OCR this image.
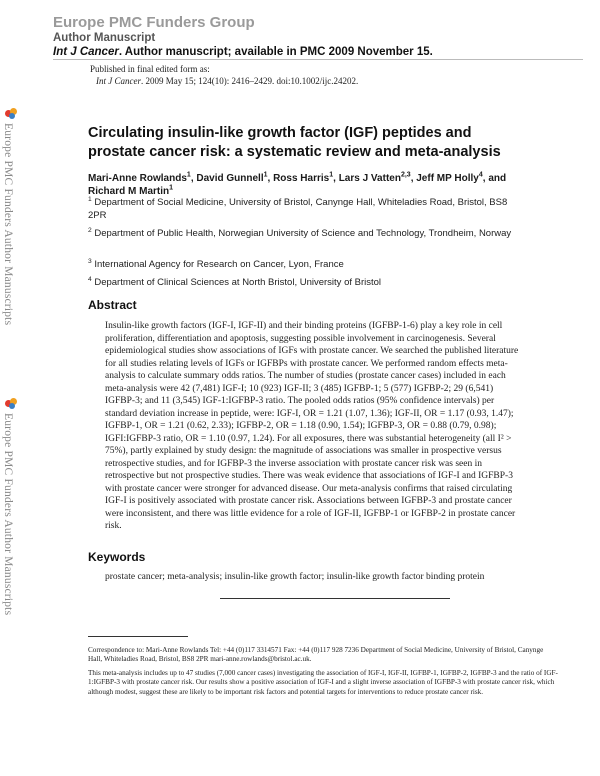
Europe PMC Funders Group
Author Manuscript
Int J Cancer. Author manuscript; available in PMC 2009 November 15.
Published in final edited form as:
Int J Cancer. 2009 May 15; 124(10): 2416–2429. doi:10.1002/ijc.24202.
Europe PMC Funders Author Manuscripts
Europe PMC Funders Author Manuscripts
Circulating insulin-like growth factor (IGF) peptides and prostate cancer risk: a systematic review and meta-analysis
Mari-Anne Rowlands$^1$, David Gunnell$^1$, Ross Harris$^1$, Lars J Vatten$^{2,3}$, Jeff MP Holly$^4$, and Richard M Martin$^1$
$^1$ Department of Social Medicine, University of Bristol, Canynge Hall, Whiteladies Road, Bristol, BS8 2PR
$^2$ Department of Public Health, Norwegian University of Science and Technology, Trondheim, Norway
$^3$ International Agency for Research on Cancer, Lyon, France
$^4$ Department of Clinical Sciences at North Bristol, University of Bristol
Abstract
Insulin-like growth factors (IGF-I, IGF-II) and their binding proteins (IGFBP-1-6) play a key role in cell proliferation, differentiation and apoptosis, suggesting possible involvement in carcinogenesis. Several epidemiological studies show associations of IGFs with prostate cancer. We searched the published literature for all studies relating levels of IGFs or IGFBPs with prostate cancer. We performed random effects meta-analysis to calculate summary odds ratios. The number of studies (prostate cancer cases) included in each meta-analysis were 42 (7,481) IGF-I; 10 (923) IGF-II; 3 (485) IGFBP-1; 5 (577) IGFBP-2; 29 (6,541) IGFBP-3; and 11 (3,545) IGF-1:IGFBP-3 ratio. The pooled odds ratios (95% confidence intervals) per standard deviation increase in peptide, were: IGF-I, OR = 1.21 (1.07, 1.36); IGF-II, OR = 1.17 (0.93, 1.47); IGFBP-1, OR = 1.21 (0.62, 2.33); IGFBP-2, OR = 1.18 (0.90, 1.54); IGFBP-3, OR = 0.88 (0.79, 0.98); IGFI:IGFBP-3 ratio, OR = 1.10 (0.97, 1.24). For all exposures, there was substantial heterogeneity (all I² > 75%), partly explained by study design: the magnitude of associations was smaller in prospective versus retrospective studies, and for IGFBP-3 the inverse association with prostate cancer risk was seen in retrospective but not prospective studies. There was weak evidence that associations of IGF-I and IGFBP-3 with prostate cancer were stronger for advanced disease. Our meta-analysis confirms that raised circulating IGF-I is positively associated with prostate cancer risk. Associations between IGFBP-3 and prostate cancer were inconsistent, and there was little evidence for a role of IGF-II, IGFBP-1 or IGFBP-2 in prostate cancer risk.
Keywords
prostate cancer; meta-analysis; insulin-like growth factor; insulin-like growth factor binding protein
Correspondence to: Mari-Anne Rowlands Tel: +44 (0)117 3314571 Fax: +44 (0)117 928 7236 Department of Social Medicine, University of Bristol, Canynge Hall, Whiteladies Road, Bristol, BS8 2PR mari-anne.rowlands@bristol.ac.uk.
This meta-analysis includes up to 47 studies (7,000 cancer cases) investigating the association of IGF-I, IGF-II, IGFBP-1, IGFBP-2, IGFBP-3 and the ratio of IGF-1:IGFBP-3 with prostate cancer risk. Our results show a positive association of IGF-I and a slight inverse association of IGFBP-3 with prostate cancer risk, which although modest, suggest these are likely to be important risk factors and potential targets for interventions to reduce prostate cancer risk.
